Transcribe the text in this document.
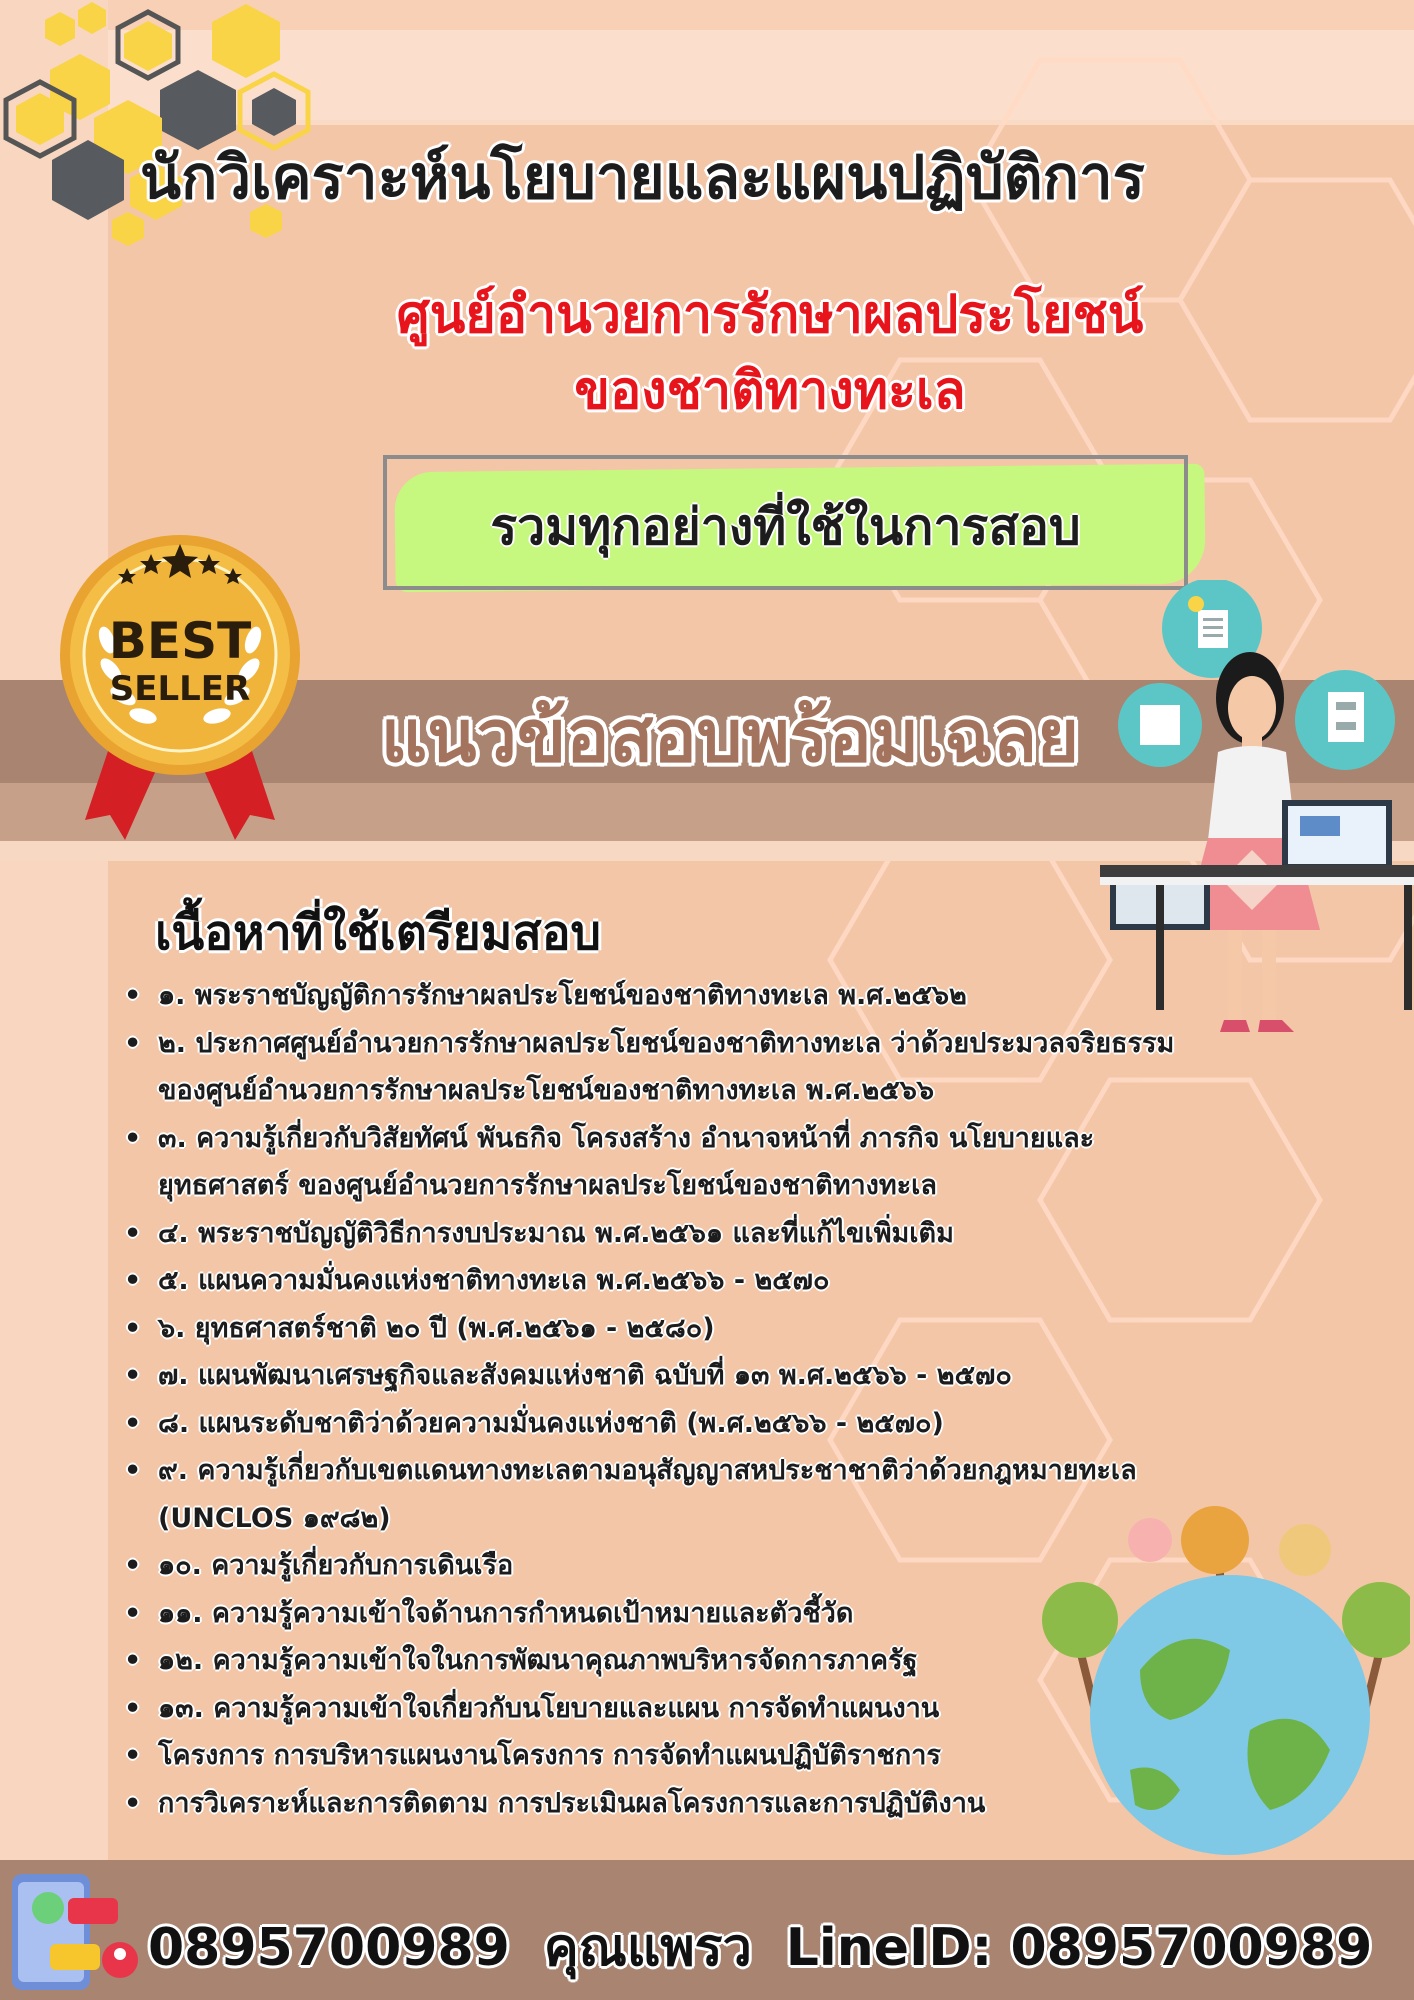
นักวิเคราะห์นโยบายและแผนปฏิบัติการ
ศูนย์อำนวยการรักษาผลประโยชน์
ของชาติทางทะเล
รวมทุกอย่างที่ใช้ในการสอบ
แนวข้อสอบพร้อมเฉลย
BEST
SELLER
เนื้อหาที่ใช้เตรียมสอบ
• ๑. พระราชบัญญัติการรักษาผลประโยชน์ของชาติทางทะเล พ.ศ.๒๕๖๒
• ๒. ประกาศศูนย์อำนวยการรักษาผลประโยชน์ของชาติทางทะเล ว่าด้วยประมวลจริยธรรม
ของศูนย์อำนวยการรักษาผลประโยชน์ของชาติทางทะเล พ.ศ.๒๕๖๖
• ๓. ความรู้เกี่ยวกับวิสัยทัศน์ พันธกิจ โครงสร้าง อำนาจหน้าที่ ภารกิจ นโยบายและ
ยุทธศาสตร์ ของศูนย์อำนวยการรักษาผลประโยชน์ของชาติทางทะเล
• ๔. พระราชบัญญัติวิธีการงบประมาณ พ.ศ.๒๕๖๑ และที่แก้ไขเพิ่มเติม
• ๕. แผนความมั่นคงแห่งชาติทางทะเล พ.ศ.๒๕๖๖ - ๒๕๗๐
• ๖. ยุทธศาสตร์ชาติ ๒๐ ปี (พ.ศ.๒๕๖๑ - ๒๕๘๐)
• ๗. แผนพัฒนาเศรษฐกิจและสังคมแห่งชาติ ฉบับที่ ๑๓ พ.ศ.๒๕๖๖ - ๒๕๗๐
• ๘. แผนระดับชาติว่าด้วยความมั่นคงแห่งชาติ (พ.ศ.๒๕๖๖ - ๒๕๗๐)
• ๙. ความรู้เกี่ยวกับเขตแดนทางทะเลตามอนุสัญญาสหประชาชาติว่าด้วยกฎหมายทะเล
(UNCLOS ๑๙๘๒)
• ๑๐. ความรู้เกี่ยวกับการเดินเรือ
• ๑๑. ความรู้ความเข้าใจด้านการกำหนดเป้าหมายและตัวชี้วัด
• ๑๒. ความรู้ความเข้าใจในการพัฒนาคุณภาพบริหารจัดการภาครัฐ
• ๑๓. ความรู้ความเข้าใจเกี่ยวกับนโยบายและแผน การจัดทำแผนงาน
• โครงการ การบริหารแผนงานโครงการ การจัดทำแผนปฏิบัติราชการ
• การวิเคราะห์และการติดตาม การประเมินผลโครงการและการปฏิบัติงาน
0895700989 คุณแพรว LineID: 0895700989
